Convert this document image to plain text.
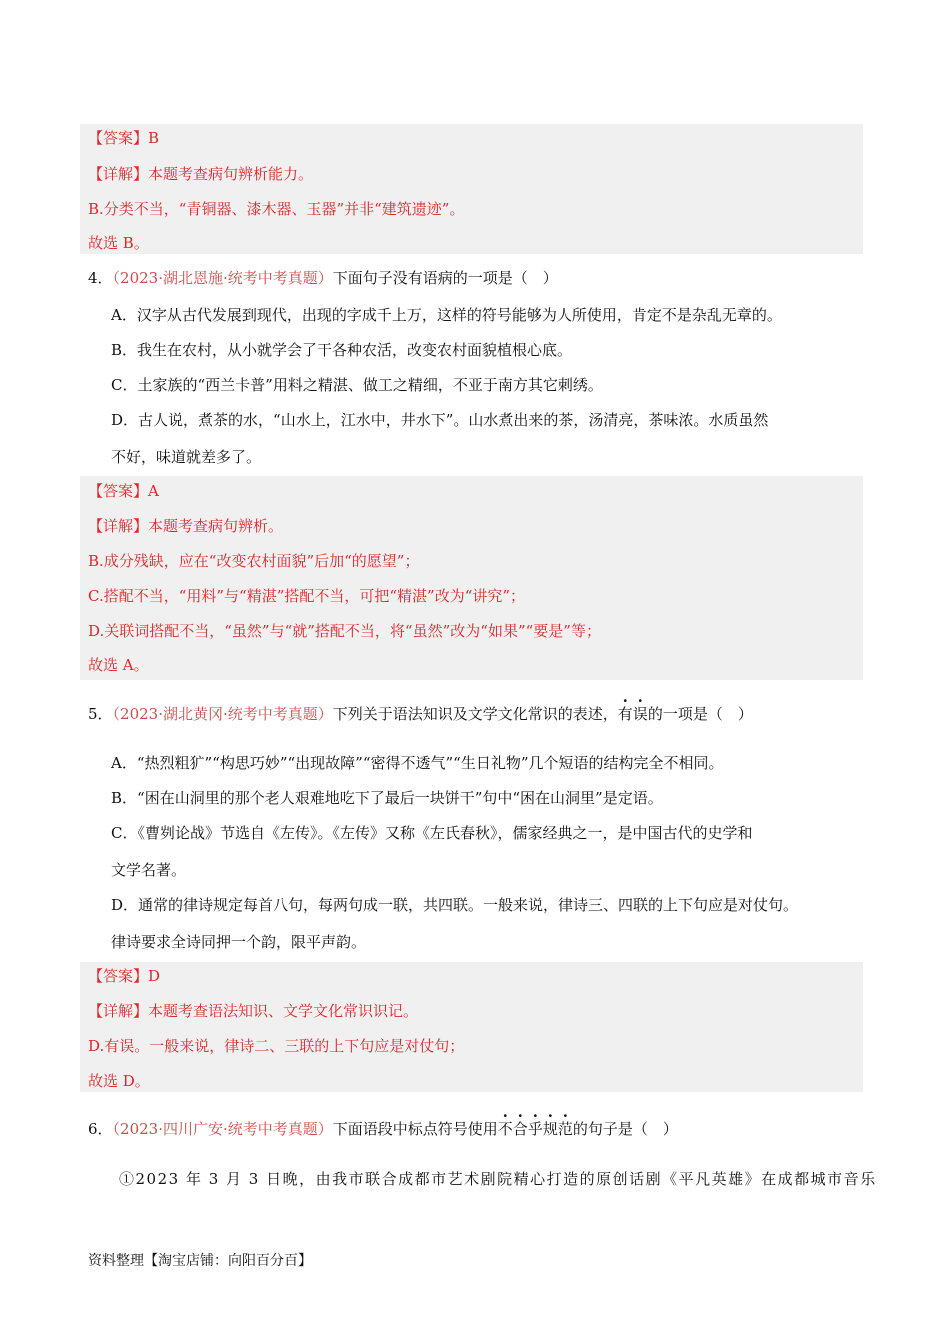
【答案】B
【详解】本题考查病句辨析能力。
B.分类不当，“青铜器、漆木器、玉器”并非“建筑遗迹”。
故选 B。
4．（2023·湖北恩施·统考中考真题）下面句子没有语病的一项是（　）
A．汉字从古代发展到现代，出现的字成千上万，这样的符号能够为人所使用，肯定不是杂乱无章的。
B．我生在农村，从小就学会了干各种农活，改变农村面貌植根心底。
C．土家族的“西兰卡普”用料之精湛、做工之精细，不亚于南方其它刺绣。
D．古人说，煮茶的水，“山水上，江水中，井水下”。山水煮出来的茶，汤清亮，茶味浓。水质虽然
不好，味道就差多了。
【答案】A
【详解】本题考查病句辨析。
B.成分残缺，应在“改变农村面貌”后加“的愿望”；
C.搭配不当，“用料”与“精湛”搭配不当，可把“精湛”改为“讲究”；
D.关联词搭配不当，“虽然”与“就”搭配不当，将“虽然”改为“如果”“要是”等；
故选 A。
5．（2023·湖北黄冈·统考中考真题）下列关于语法知识及文学文化常识的表述，有误的一项是（　）
A．“热烈粗犷”“构思巧妙”“出现故障”“密得不透气”“生日礼物”几个短语的结构完全不相同。
B．“困在山洞里的那个老人艰难地吃下了最后一块饼干”句中“困在山洞里”是定语。
C．《曹刿论战》节选自《左传》。《左传》又称《左氏春秋》，儒家经典之一，是中国古代的史学和
文学名著。
D．通常的律诗规定每首八句，每两句成一联，共四联。一般来说，律诗三、四联的上下句应是对仗句。
律诗要求全诗同押一个韵，限平声韵。
【答案】D
【详解】本题考查语法知识、文学文化常识识记。
D.有误。一般来说，律诗二、三联的上下句应是对仗句；
故选 D。
6．（2023·四川广安·统考中考真题）下面语段中标点符号使用不合乎规范的句子是（　）
①2023 年 3 月 3 日晚，由我市联合成都市艺术剧院精心打造的原创话剧《平凡英雄》在成都城市音乐
资料整理【淘宝店铺：向阳百分百】
